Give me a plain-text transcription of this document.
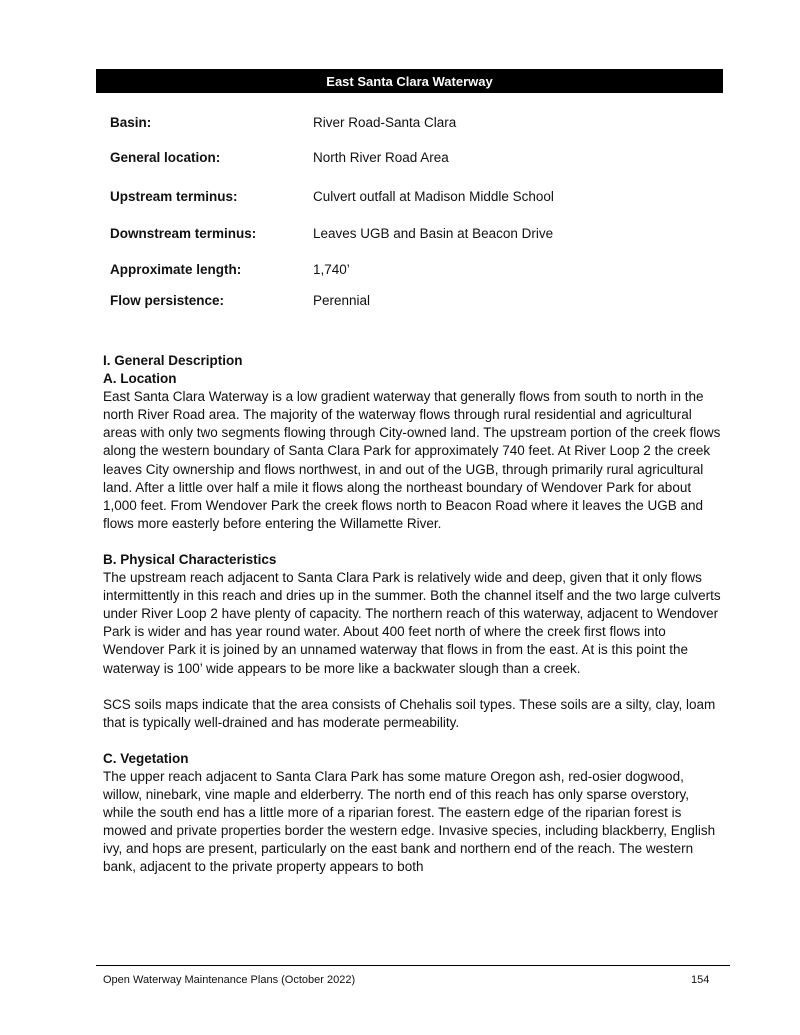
East Santa Clara Waterway
Basin:	River Road-Santa Clara
General location:	North River Road Area
Upstream terminus:	Culvert outfall at Madison Middle School
Downstream terminus:	Leaves UGB and Basin at Beacon Drive
Approximate length:	1,740’
Flow persistence:	Perennial

I. General Description

A. Location

East Santa Clara Waterway is a low gradient waterway that generally flows from south to north in the north River Road area. The majority of the waterway flows through rural residential and agricultural areas with only two segments flowing through City-owned land. The upstream portion of the creek flows along the western boundary of Santa Clara Park for approximately 740 feet. At River Loop 2 the creek leaves City ownership and flows northwest, in and out of the UGB, through primarily rural agricultural land. After a little over half a mile it flows along the northeast boundary of Wendover Park for about 1,000 feet. From Wendover Park the creek flows north to Beacon Road where it leaves the UGB and flows more easterly before entering the Willamette River.

B. Physical Characteristics

The upstream reach adjacent to Santa Clara Park is relatively wide and deep, given that it only flows intermittently in this reach and dries up in the summer. Both the channel itself and the two large culverts under River Loop 2 have plenty of capacity. The northern reach of this waterway, adjacent to Wendover Park is wider and has year round water. About 400 feet north of where the creek first flows into Wendover Park it is joined by an unnamed waterway that flows in from the east. At is this point the waterway is 100’ wide appears to be more like a backwater slough than a creek.

SCS soils maps indicate that the area consists of Chehalis soil types. These soils are a silty, clay, loam that is typically well-drained and has moderate permeability.

C. Vegetation

The upper reach adjacent to Santa Clara Park has some mature Oregon ash, red-osier dogwood, willow, ninebark, vine maple and elderberry. The north end of this reach has only sparse overstory, while the south end has a little more of a riparian forest. The eastern edge of the riparian forest is mowed and private properties border the western edge. Invasive species, including blackberry, English ivy, and hops are present, particularly on the east bank and northern end of the reach. The western bank, adjacent to the private property appears to both

Open Waterway Maintenance Plans (October 2022)	154
